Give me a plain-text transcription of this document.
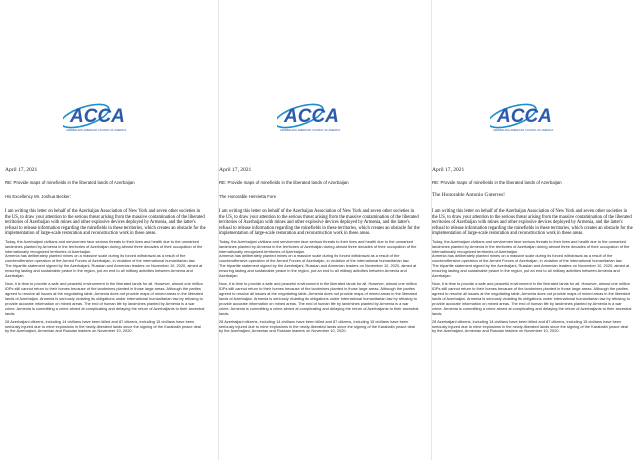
ACCA
AZERBAIJANI-AMERICAN COUNCIL OF AMERICA
April 17, 2021
RE: Provide maps of minefields in the liberated lands of Azerbaijan
His Excellency Mr. Joshua Becker:

I am writing this letter on behalf of the Azerbaijan Association of New York and seven other societies in the US, to draw your attention to the serious threat arising from the massive contamination of the liberated territories of Azerbaijan with mines and other explosive devices deployed by Armenia, and the latter's refusal to release information regarding the minefields in these territories, which creates an obstacle for the implementation of large-scale restoration and reconstruction work in these areas.

Today, the Azerbaijani civilians and servicemen face serious threats to their lives and health due to the unmarked landmines planted by Armenia in the territories of Azerbaijan during almost three decades of their occupation of the internationally recognized territories of Azerbaijan.

Armenia has deliberately planted mines on a massive scale during its forced withdrawal as a result of the counteroffensive operation of the Armed Forces of Azerbaijan, in violation of the international humanitarian law.

The tripartite statement signed by the Azerbaijani, Russian and Armenian leaders on November 10, 2020, aimed at ensuring lasting and sustainable peace in the region, put an end to all military activities between Armenia and Azerbaijan.

Now, it is time to provide a safe and peaceful environment in the liberated lands for all. However, almost one million IDPs still cannot return to their homes because of the landmines planted in those large areas. Although the parties agreed to resolve all issues at the negotiating table, Armenia does not provide maps of mined areas in the liberated lands of Azerbaijan. Armenia is seriously violating its obligations under international humanitarian law by refusing to provide accurate information on mined areas. The end of human life by landmines planted by Armenia is a war crime. Armenia is committing a crime aimed at complicating and delaying the return of Azerbaijanis to their ancestral lands.

28 Azerbaijani citizens, including 14 civilians have been killed and 87 citizens, including 15 civilians have been seriously injured due to mine explosions in the newly-liberated lands since the signing of the Karabakh peace deal by the Azerbaijani, Armenian and Russian leaders on November 10, 2020.

ACCA
AZERBAIJANI-AMERICAN COUNCIL OF AMERICA
April 17, 2021
RE: Provide maps of minefields in the liberated lands of Azerbaijan
The Honorable Henrietta Fore

I am writing this letter on behalf of the Azerbaijan Association of New York and seven other societies in the US, to draw your attention to the serious threat arising from the massive contamination of the liberated territories of Azerbaijan with mines and other explosive devices deployed by Armenia, and the latter's refusal to release information regarding the minefields in these territories, which creates an obstacle for the implementation of large-scale restoration and reconstruction work in these areas.

Today, the Azerbaijani civilians and servicemen face serious threats to their lives and health due to the unmarked landmines planted by Armenia in the territories of Azerbaijan during almost three decades of their occupation of the internationally recognized territories of Azerbaijan.

Armenia has deliberately planted mines on a massive scale during its forced withdrawal as a result of the counteroffensive operation of the Armed Forces of Azerbaijan, in violation of the international humanitarian law.

The tripartite statement signed by the Azerbaijani, Russian and Armenian leaders on November 10, 2020, aimed at ensuring lasting and sustainable peace in the region, put an end to all military activities between Armenia and Azerbaijan.

Now, it is time to provide a safe and peaceful environment in the liberated lands for all. However, almost one million IDPs still cannot return to their homes because of the landmines planted in those large areas. Although the parties agreed to resolve all issues at the negotiating table, Armenia does not provide maps of mined areas in the liberated lands of Azerbaijan. Armenia is seriously violating its obligations under international humanitarian law by refusing to provide accurate information on mined areas. The end of human life by landmines planted by Armenia is a war crime. Armenia is committing a crime aimed at complicating and delaying the return of Azerbaijanis to their ancestral lands.

28 Azerbaijani citizens, including 14 civilians have been killed and 87 citizens, including 15 civilians have been seriously injured due to mine explosions in the newly-liberated lands since the signing of the Karabakh peace deal by the Azerbaijani, Armenian and Russian leaders on November 10, 2020.

ACCA
AZERBAIJANI-AMERICAN COUNCIL OF AMERICA
April 17, 2021
RE: Provide maps of minefields in the liberated lands of Azerbaijan
The Honorable Antonio Guterres!

I am writing this letter on behalf of the Azerbaijan Association of New York and seven other societies in the US, to draw your attention to the serious threat arising from the massive contamination of the liberated territories of Azerbaijan with mines and other explosive devices deployed by Armenia, and the latter's refusal to release information regarding the minefields in these territories, which creates an obstacle for the implementation of large-scale restoration and reconstruction work in these areas.

Today, the Azerbaijani civilians and servicemen face serious threats to their lives and health due to the unmarked landmines planted by Armenia in the territories of Azerbaijan during almost three decades of their occupation of the internationally recognized territories of Azerbaijan.

Armenia has deliberately planted mines on a massive scale during its forced withdrawal as a result of the counteroffensive operation of the Armed Forces of Azerbaijan, in violation of the international humanitarian law.

The tripartite statement signed by the Azerbaijani, Russian and Armenian leaders on November 10, 2020, aimed at ensuring lasting and sustainable peace in the region, put an end to all military activities between Armenia and Azerbaijan.

Now, it is time to provide a safe and peaceful environment in the liberated lands for all. However, almost one million IDPs still cannot return to their homes because of the landmines planted in those large areas. Although the parties agreed to resolve all issues at the negotiating table, Armenia does not provide maps of mined areas in the liberated lands of Azerbaijan. Armenia is seriously violating its obligations under international humanitarian law by refusing to provide accurate information on mined areas. The end of human life by landmines planted by Armenia is a war crime. Armenia is committing a crime aimed at complicating and delaying the return of Azerbaijanis to their ancestral lands.

28 Azerbaijani citizens, including 14 civilians have been killed and 87 citizens, including 15 civilians have been seriously injured due to mine explosions in the newly-liberated lands since the signing of the Karabakh peace deal by the Azerbaijani, Armenian and Russian leaders on November 10, 2020.
